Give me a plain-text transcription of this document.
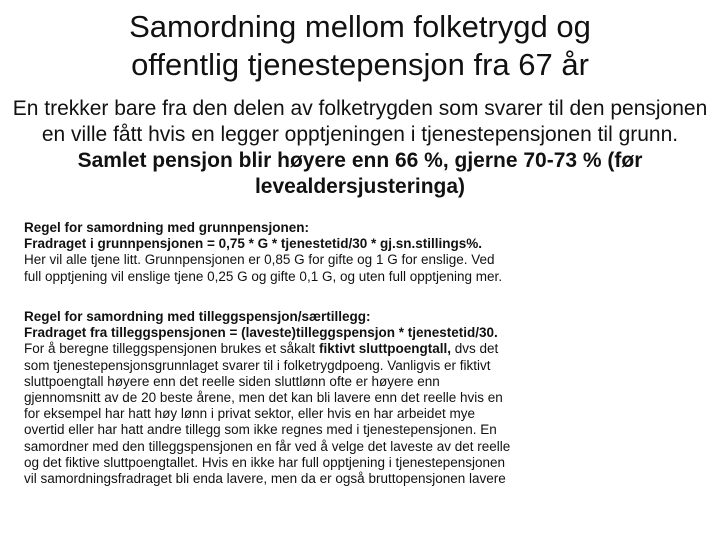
Samordning mellom folketrygd og
offentlig tjenestepensjon fra 67 år

En trekker bare fra den delen av folketrygden som svarer til den pensjonen en ville fått hvis en legger opptjeningen i tjenestepensjonen til grunn. Samlet pensjon blir høyere enn 66 %, gjerne 70-73 % (før levealdersjusteringa)

Regel for samordning med grunnpensjonen:
Fradraget i grunnpensjonen = 0,75 * G * tjenestetid/30 * gj.sn.stillings%.
Her vil alle tjene litt. Grunnpensjonen er 0,85 G for gifte og 1 G for enslige. Ved
full opptjening vil enslige tjene 0,25 G og gifte 0,1 G, og uten full opptjening mer.
Regel for samordning med tilleggspensjon/særtillegg:
Fradraget fra tilleggspensjonen = (laveste)tilleggspensjon * tjenestetid/30.
For å beregne tilleggspensjonen brukes et såkalt fiktivt sluttpoengtall, dvs det
som tjenestepensjonsgrunnlaget svarer til i folketrygdpoeng. Vanligvis er fiktivt
sluttpoengtall høyere enn det reelle siden sluttlønn ofte er høyere enn
gjennomsnitt av de 20 beste årene, men det kan bli lavere enn det reelle hvis en
for eksempel har hatt høy lønn i privat sektor, eller hvis en har arbeidet mye
overtid eller har hatt andre tillegg som ikke regnes med i tjenestepensjonen. En
samordner med den tilleggspensjonen en får ved å velge det laveste av det reelle
og det fiktive sluttpoengtallet. Hvis en ikke har full opptjening i tjenestepensjonen
vil samordningsfradraget bli enda lavere, men da er også bruttopensjonen lavere
